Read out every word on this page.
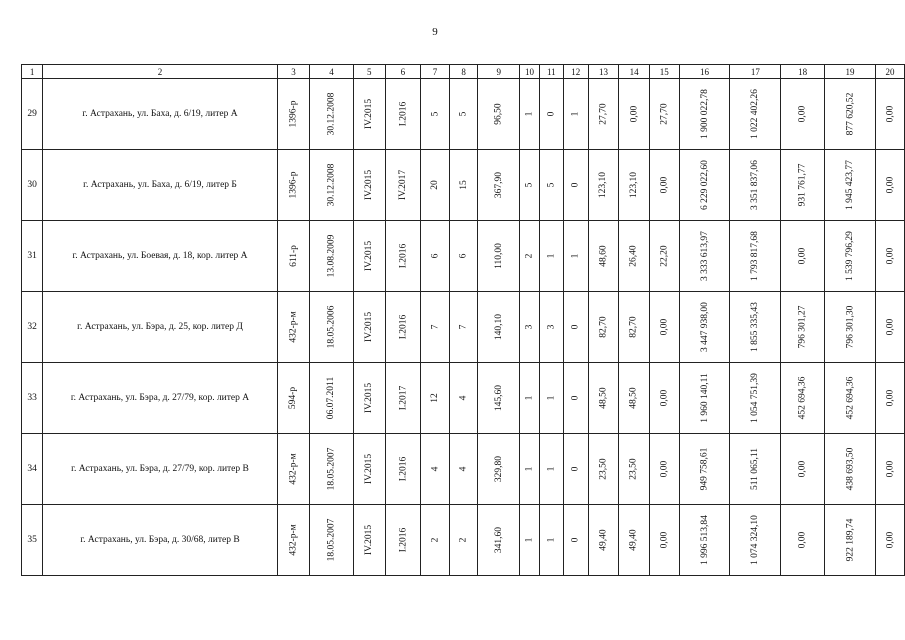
9
1	2	3	4	5	6	7	8	9	10	11	12	13	14	15	16	17	18	19	20
29	г. Астрахань, ул. Баха, д. 6/19, литер А	1396-р	30.12.2008	IV.2015	I.2016	5	5	96,50	1	0	1	27,70	0,00	27,70	1 900 022,78	1 022 402,26	0,00	877 620,52	0,00
30	г. Астрахань, ул. Баха, д. 6/19, литер Б	1396-р	30.12.2008	IV.2015	IV.2017	20	15	367,90	5	5	0	123,10	123,10	0,00	6 229 022,60	3 351 837,06	931 761,77	1 945 423,77	0,00
31	г. Астрахань, ул. Боевая, д. 18, кор. литер А	611-р	13.08.2009	IV.2015	I.2016	6	6	110,00	2	1	1	48,60	26,40	22,20	3 333 613,97	1 793 817,68	0,00	1 539 796,29	0,00
32	г. Астрахань, ул. Бэра, д. 25, кор. литер Д	432-р-м	18.05.2006	IV.2015	I.2016	7	7	140,10	3	3	0	82,70	82,70	0,00	3 447 938,00	1 855 335,43	796 301,27	796 301,30	0,00
33	г. Астрахань, ул. Бэра, д. 27/79, кор. литер А	594-р	06.07.2011	IV.2015	I.2017	12	4	145,60	1	1	0	48,50	48,50	0,00	1 960 140,11	1 054 751,39	452 694,36	452 694,36	0,00
34	г. Астрахань, ул. Бэра, д. 27/79, кор. литер В	432-р-м	18.05.2007	IV.2015	I.2016	4	4	329,80	1	1	0	23,50	23,50	0,00	949 758,61	511 065,11	0,00	438 693,50	0,00
35	г. Астрахань, ул. Бэра, д. 30/68, литер В	432-р-м	18.05.2007	IV.2015	I.2016	2	2	341,60	1	1	0	49,40	49,40	0,00	1 996 513,84	1 074 324,10	0,00	922 189,74	0,00
